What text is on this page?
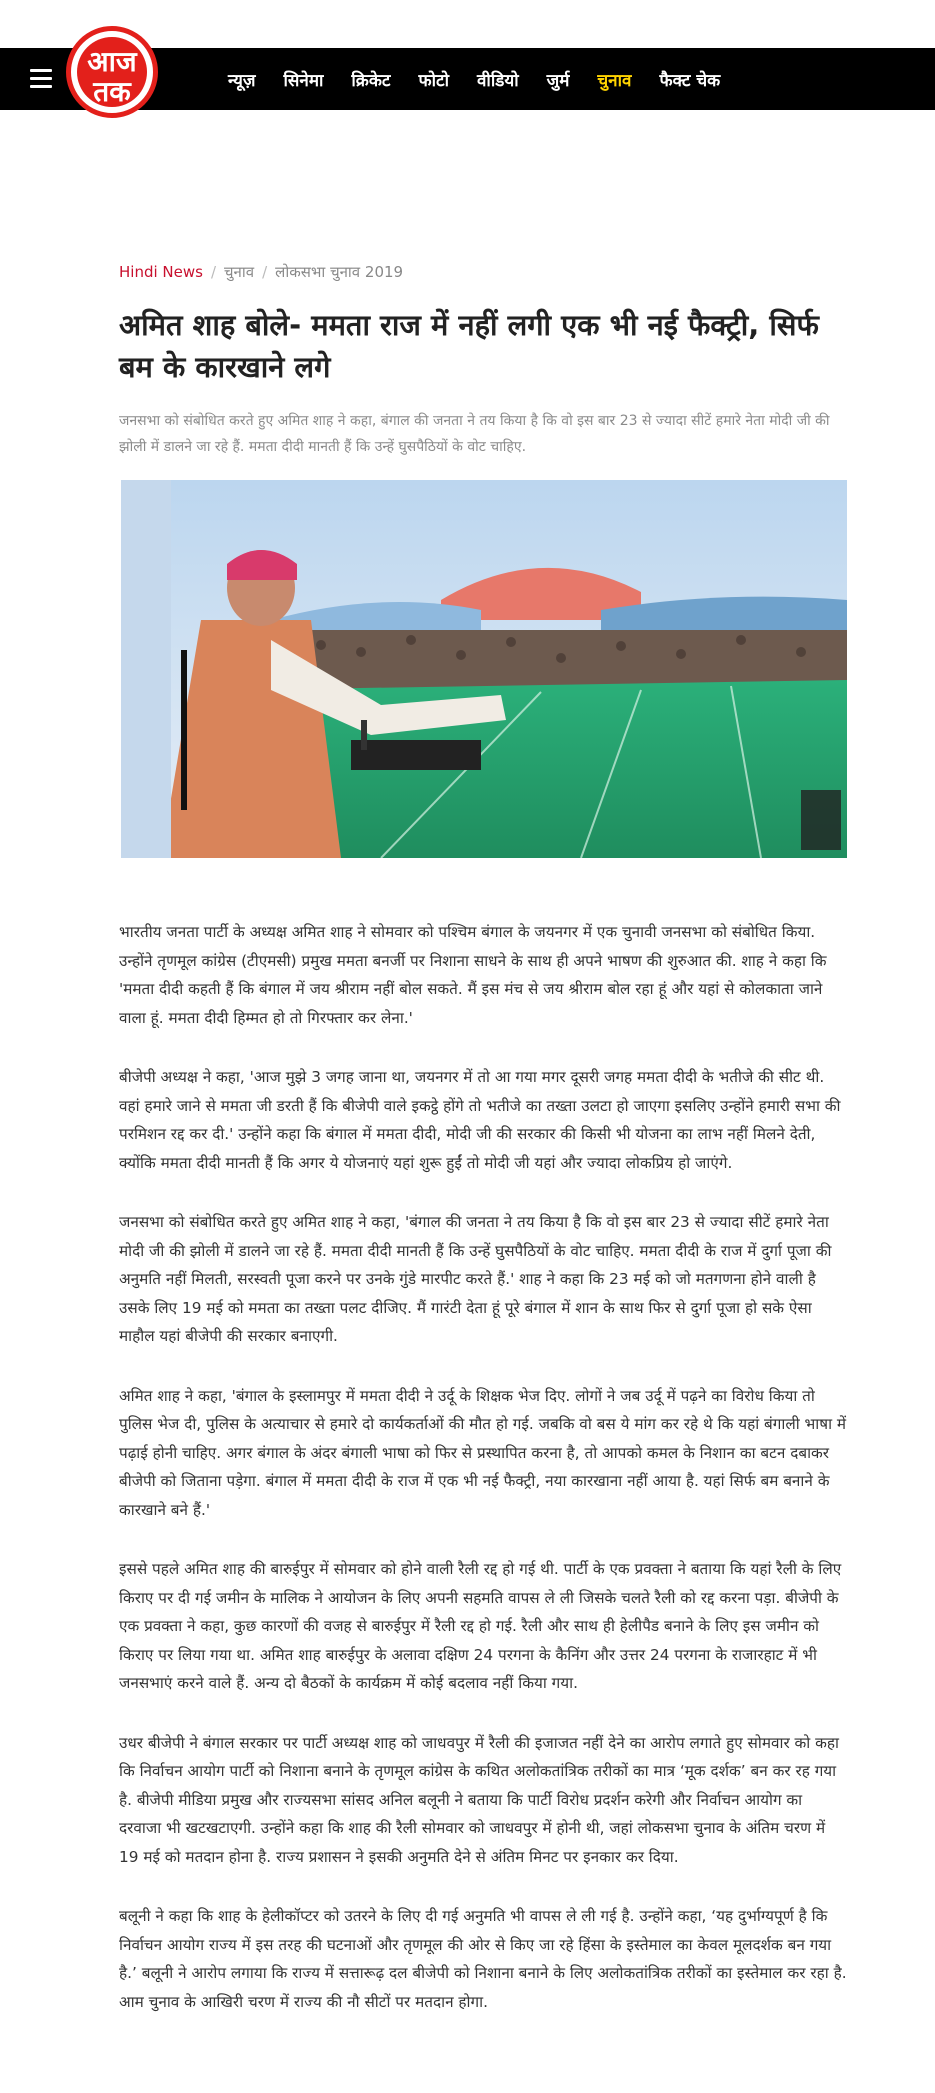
न्यूज़ सिनेमा क्रिकेट फोटो वीडियो जुर्म चुनाव फैक्ट चेक
आज
तक
Hindi News / चुनाव / लोकसभा चुनाव 2019
अमित शाह बोले- ममता राज में नहीं लगी एक भी नई फैक्ट्री, सिर्फ बम के कारखाने लगे

जनसभा को संबोधित करते हुए अमित शाह ने कहा, बंगाल की जनता ने तय किया है कि वो इस बार 23 से ज्यादा सीटें हमारे नेता मोदी जी की झोली में डालने जा रहे हैं. ममता दीदी मानती हैं कि उन्हें घुसपैठियों के वोट चाहिए.

भारतीय जनता पार्टी के अध्यक्ष अमित शाह ने सोमवार को पश्चिम बंगाल के जयनगर में एक चुनावी जनसभा को संबोधित किया. उन्होंने तृणमूल कांग्रेस (टीएमसी) प्रमुख ममता बनर्जी पर निशाना साधने के साथ ही अपने भाषण की शुरुआत की. शाह ने कहा कि 'ममता दीदी कहती हैं कि बंगाल में जय श्रीराम नहीं बोल सकते. मैं इस मंच से जय श्रीराम बोल रहा हूं और यहां से कोलकाता जाने वाला हूं. ममता दीदी हिम्मत हो तो गिरफ्तार कर लेना.'

बीजेपी अध्यक्ष ने कहा, 'आज मुझे 3 जगह जाना था, जयनगर में तो आ गया मगर दूसरी जगह ममता दीदी के भतीजे की सीट थी. वहां हमारे जाने से ममता जी डरती हैं कि बीजेपी वाले इकट्ठे होंगे तो भतीजे का तख्ता उलटा हो जाएगा इसलिए उन्होंने हमारी सभा की परमिशन रद्द कर दी.' उन्होंने कहा कि बंगाल में ममता दीदी, मोदी जी की सरकार की किसी भी योजना का लाभ नहीं मिलने देती, क्योंकि ममता दीदी मानती हैं कि अगर ये योजनाएं यहां शुरू हुईं तो मोदी जी यहां और ज्यादा लोकप्रिय हो जाएंगे.

जनसभा को संबोधित करते हुए अमित शाह ने कहा, 'बंगाल की जनता ने तय किया है कि वो इस बार 23 से ज्यादा सीटें हमारे नेता मोदी जी की झोली में डालने जा रहे हैं. ममता दीदी मानती हैं कि उन्हें घुसपैठियों के वोट चाहिए. ममता दीदी के राज में दुर्गा पूजा की अनुमति नहीं मिलती, सरस्वती पूजा करने पर उनके गुंडे मारपीट करते हैं.' शाह ने कहा कि 23 मई को जो मतगणना होने वाली है उसके लिए 19 मई को ममता का तख्ता पलट दीजिए. मैं गारंटी देता हूं पूरे बंगाल में शान के साथ फिर से दुर्गा पूजा हो सके ऐसा माहौल यहां बीजेपी की सरकार बनाएगी.

अमित शाह ने कहा, 'बंगाल के इस्लामपुर में ममता दीदी ने उर्दू के शिक्षक भेज दिए. लोगों ने जब उर्दू में पढ़ने का विरोध किया तो पुलिस भेज दी, पुलिस के अत्याचार से हमारे दो कार्यकर्ताओं की मौत हो गई. जबकि वो बस ये मांग कर रहे थे कि यहां बंगाली भाषा में पढ़ाई होनी चाहिए. अगर बंगाल के अंदर बंगाली भाषा को फिर से प्रस्थापित करना है, तो आपको कमल के निशान का बटन दबाकर बीजेपी को जिताना पड़ेगा. बंगाल में ममता दीदी के राज में एक भी नई फैक्ट्री, नया कारखाना नहीं आया है. यहां सिर्फ बम बनाने के कारखाने बने हैं.'

इससे पहले अमित शाह की बारुईपुर में सोमवार को होने वाली रैली रद्द हो गई थी. पार्टी के एक प्रवक्ता ने बताया कि यहां रैली के लिए किराए पर दी गई जमीन के मालिक ने आयोजन के लिए अपनी सहमति वापस ले ली जिसके चलते रैली को रद्द करना पड़ा. बीजेपी के एक प्रवक्ता ने कहा, कुछ कारणों की वजह से बारुईपुर में रैली रद्द हो गई. रैली और साथ ही हेलीपैड बनाने के लिए इस जमीन को किराए पर लिया गया था. अमित शाह बारुईपुर के अलावा दक्षिण 24 परगना के कैनिंग और उत्तर 24 परगना के राजारहाट में भी जनसभाएं करने वाले हैं. अन्य दो बैठकों के कार्यक्रम में कोई बदलाव नहीं किया गया.

उधर बीजेपी ने बंगाल सरकार पर पार्टी अध्यक्ष शाह को जाधवपुर में रैली की इजाजत नहीं देने का आरोप लगाते हुए सोमवार को कहा कि निर्वाचन आयोग पार्टी को निशाना बनाने के तृणमूल कांग्रेस के कथित अलोकतांत्रिक तरीकों का मात्र ‘मूक दर्शक’ बन कर रह गया है. बीजेपी मीडिया प्रमुख और राज्यसभा सांसद अनिल बलूनी ने बताया कि पार्टी विरोध प्रदर्शन करेगी और निर्वाचन आयोग का दरवाजा भी खटखटाएगी. उन्होंने कहा कि शाह की रैली सोमवार को जाधवपुर में होनी थी, जहां लोकसभा चुनाव के अंतिम चरण में 19 मई को मतदान होना है. राज्य प्रशासन ने इसकी अनुमति देने से अंतिम मिनट पर इनकार कर दिया.

बलूनी ने कहा कि शाह के हेलीकॉप्टर को उतरने के लिए दी गई अनुमति भी वापस ले ली गई है. उन्होंने कहा, ‘यह दुर्भाग्यपूर्ण है कि निर्वाचन आयोग राज्य में इस तरह की घटनाओं और तृणमूल की ओर से किए जा रहे हिंसा के इस्तेमाल का केवल मूलदर्शक बन गया है.’ बलूनी ने आरोप लगाया कि राज्य में सत्तारूढ़ दल बीजेपी को निशाना बनाने के लिए अलोकतांत्रिक तरीकों का इस्तेमाल कर रहा है. आम चुनाव के आखिरी चरण में राज्य की नौ सीटों पर मतदान होगा.
